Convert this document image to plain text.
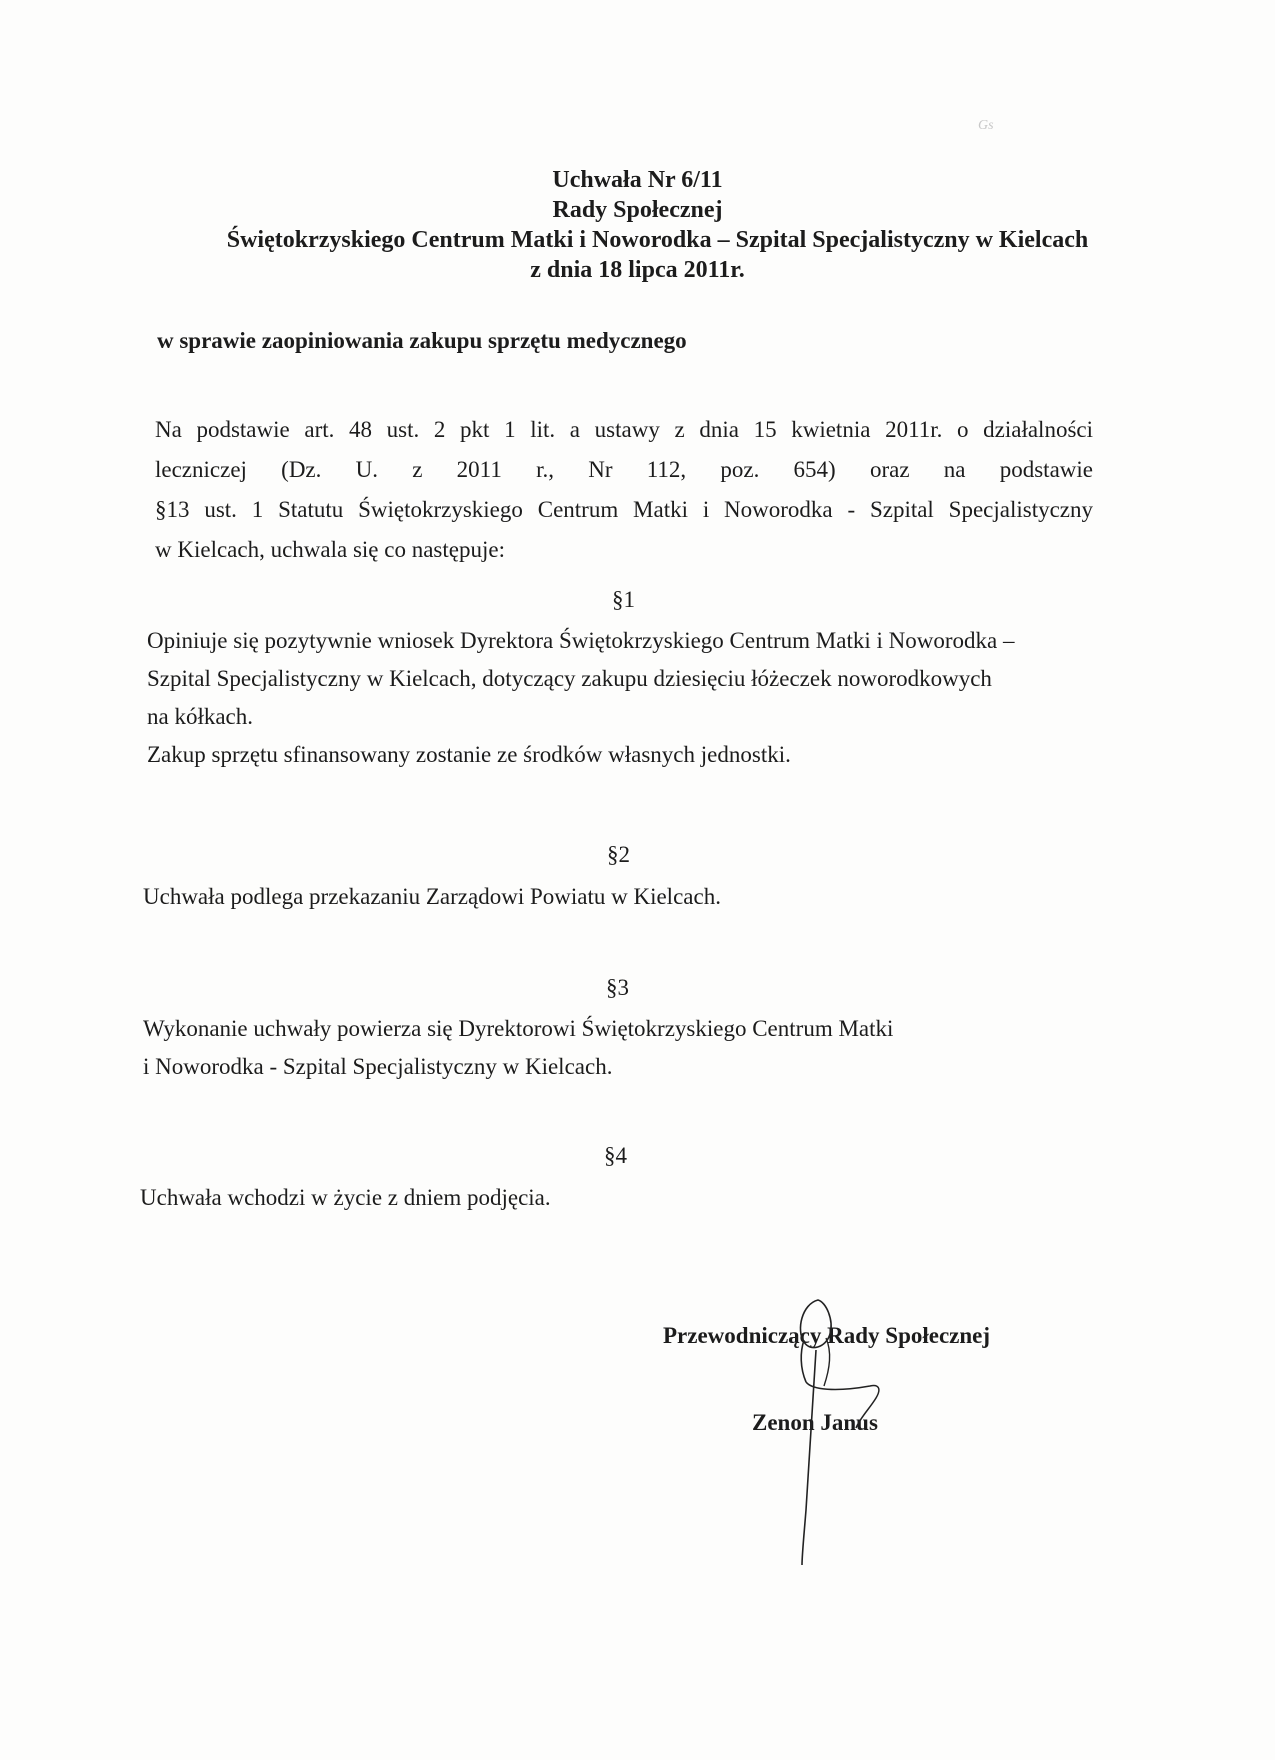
Gs
Uchwała Nr 6/11
Rady Społecznej
Świętokrzyskiego Centrum Matki i Noworodka – Szpital Specjalistyczny w Kielcach
z dnia 18 lipca 2011r.
w sprawie zaopiniowania zakupu sprzętu medycznego
Na podstawie art. 48 ust. 2 pkt 1 lit. a ustawy z dnia 15 kwietnia 2011r. o działalności
leczniczej (Dz. U. z 2011 r., Nr 112, poz. 654) oraz na podstawie
§13 ust. 1 Statutu Świętokrzyskiego Centrum Matki i Noworodka - Szpital Specjalistyczny
w Kielcach, uchwala się co następuje:
§1
Opiniuje się pozytywnie wniosek Dyrektora Świętokrzyskiego Centrum Matki i Noworodka –
Szpital Specjalistyczny w Kielcach, dotyczący zakupu dziesięciu łóżeczek noworodkowych
na kółkach.
Zakup sprzętu sfinansowany zostanie ze środków własnych jednostki.
§2
Uchwała podlega przekazaniu Zarządowi Powiatu w Kielcach.
§3
Wykonanie uchwały powierza się Dyrektorowi Świętokrzyskiego Centrum Matki
i Noworodka - Szpital Specjalistyczny w Kielcach.
§4
Uchwała wchodzi w życie z dniem podjęcia.
Przewodniczący Rady Społecznej
Zenon Janus
